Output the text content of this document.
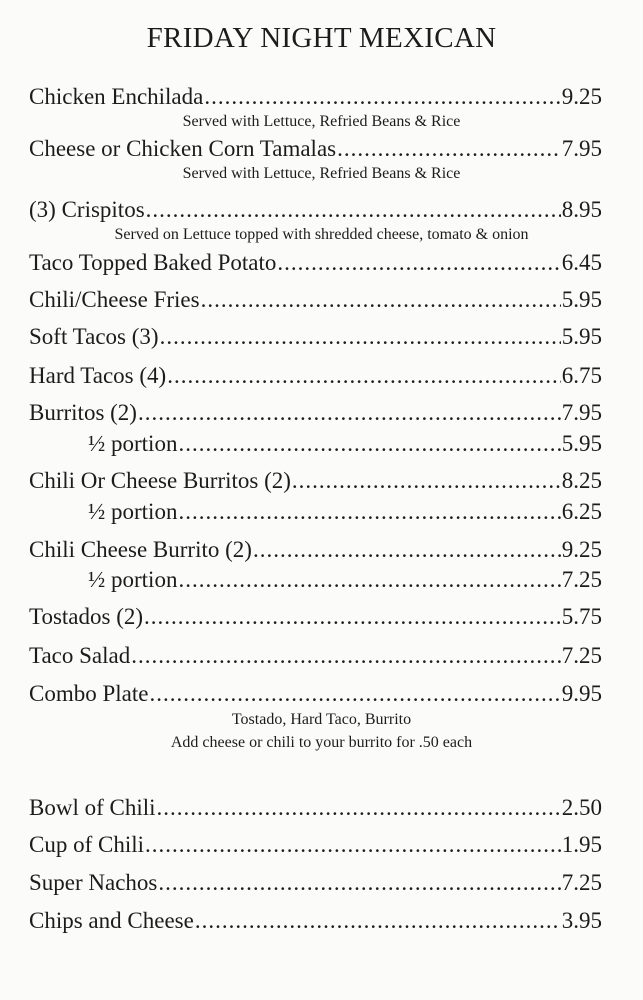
FRIDAY NIGHT MEXICAN
Chicken Enchilada .....	9.25
Served with Lettuce, Refried Beans & Rice
Cheese or Chicken Corn Tamalas .....	7.95
Served with Lettuce, Refried Beans & Rice
(3) Crispitos .....	8.95
Served on Lettuce topped with shredded cheese, tomato & onion
Taco Topped Baked Potato .....	6.45
Chili/Cheese Fries .....	5.95
Soft Tacos (3) .....	5.95
Hard Tacos (4) .....	6.75
Burritos (2) .....	7.95
½ portion .....	5.95
Chili Or Cheese Burritos (2) .....	8.25
½ portion .....	6.25
Chili Cheese Burrito (2) .....	9.25
½ portion .....	7.25
Tostados (2) .....	5.75
Taco Salad .....	7.25
Combo Plate .....	9.95
Tostado, Hard Taco, Burrito
Add cheese or chili to your burrito for .50 each
Bowl of Chili .....	2.50
Cup of Chili .....	1.95
Super Nachos .....	7.25
Chips and Cheese .....	3.95
